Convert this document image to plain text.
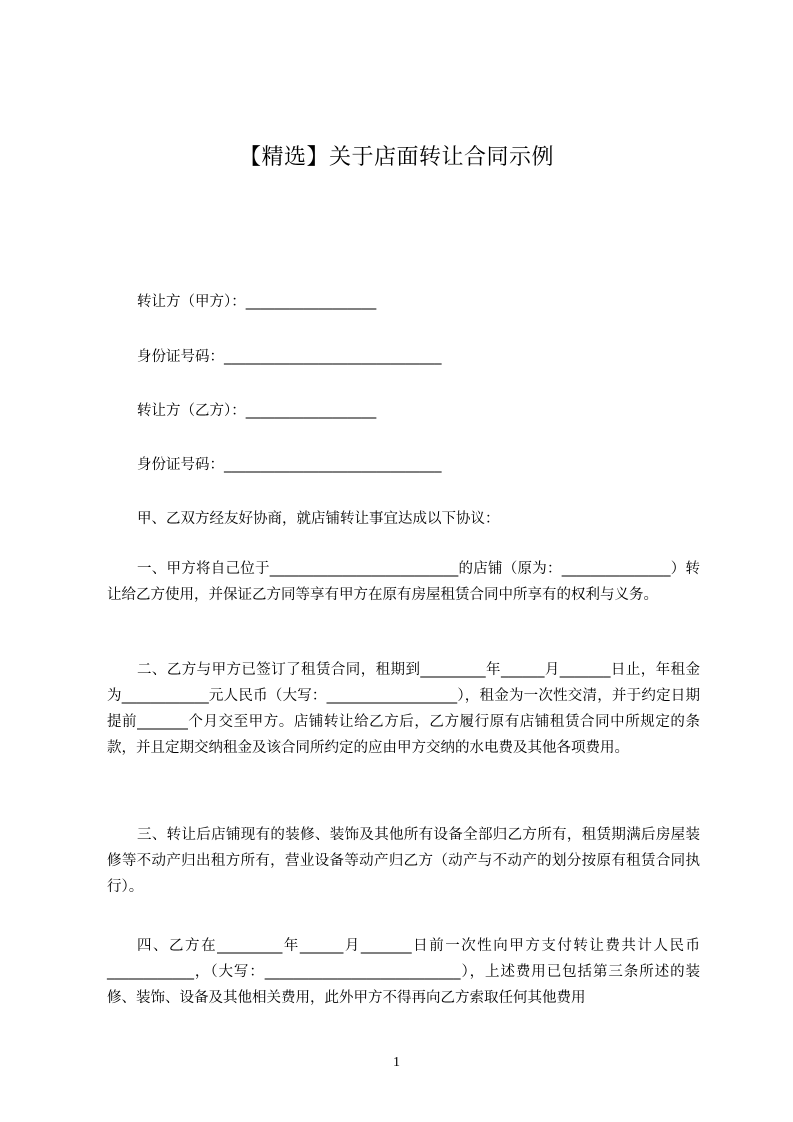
【精选】关于店面转让合同示例
转让方（甲方）：__________________
身份证号码：______________________________
转让方（乙方）：__________________
身份证号码：______________________________
甲、乙双方经友好协商，就店铺转让事宜达成以下协议：
一、甲方将自己位于__________________________的店铺（原为：_______________）转让给乙方使用，并保证乙方同等享有甲方在原有房屋租赁合同中所享有的权利与义务。
二、乙方与甲方已签订了租赁合同，租期到_________年______月_______日止，年租金为____________元人民币（大写：__________________），租金为一次性交清，并于约定日期提前_______个月交至甲方。店铺转让给乙方后，乙方履行原有店铺租赁合同中所规定的条款，并且定期交纳租金及该合同所约定的应由甲方交纳的水电费及其他各项费用。
三、转让后店铺现有的装修、装饰及其他所有设备全部归乙方所有，租赁期满后房屋装修等不动产归出租方所有，营业设备等动产归乙方（动产与不动产的划分按原有租赁合同执行）。
四、乙方在_________年______月_______日前一次性向甲方支付转让费共计人民币____________，（大写：___________________________），上述费用已包括第三条所述的装修、装饰、设备及其他相关费用，此外甲方不得再向乙方索取任何其他费用
1
